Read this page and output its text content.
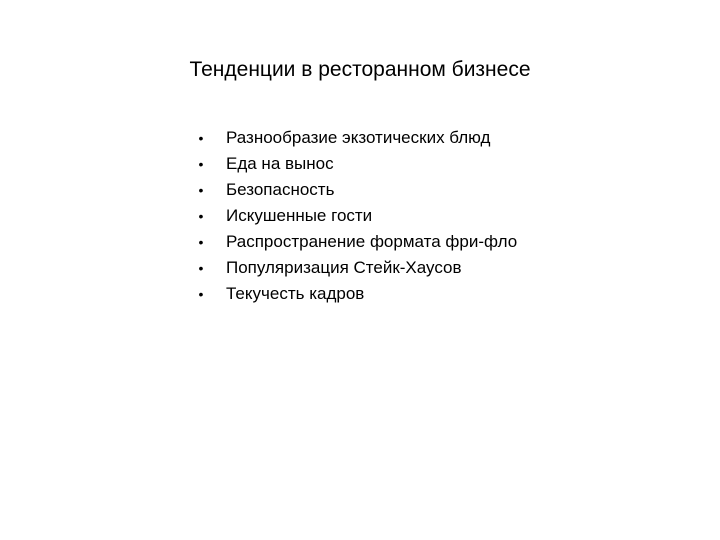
Тенденции в ресторанном бизнесе
• Разнообразие экзотических блюд
• Еда на вынос
• Безопасность
• Искушенные гости
• Распространение формата фри-фло
• Популяризация Стейк-Хаусов
• Текучесть кадров
